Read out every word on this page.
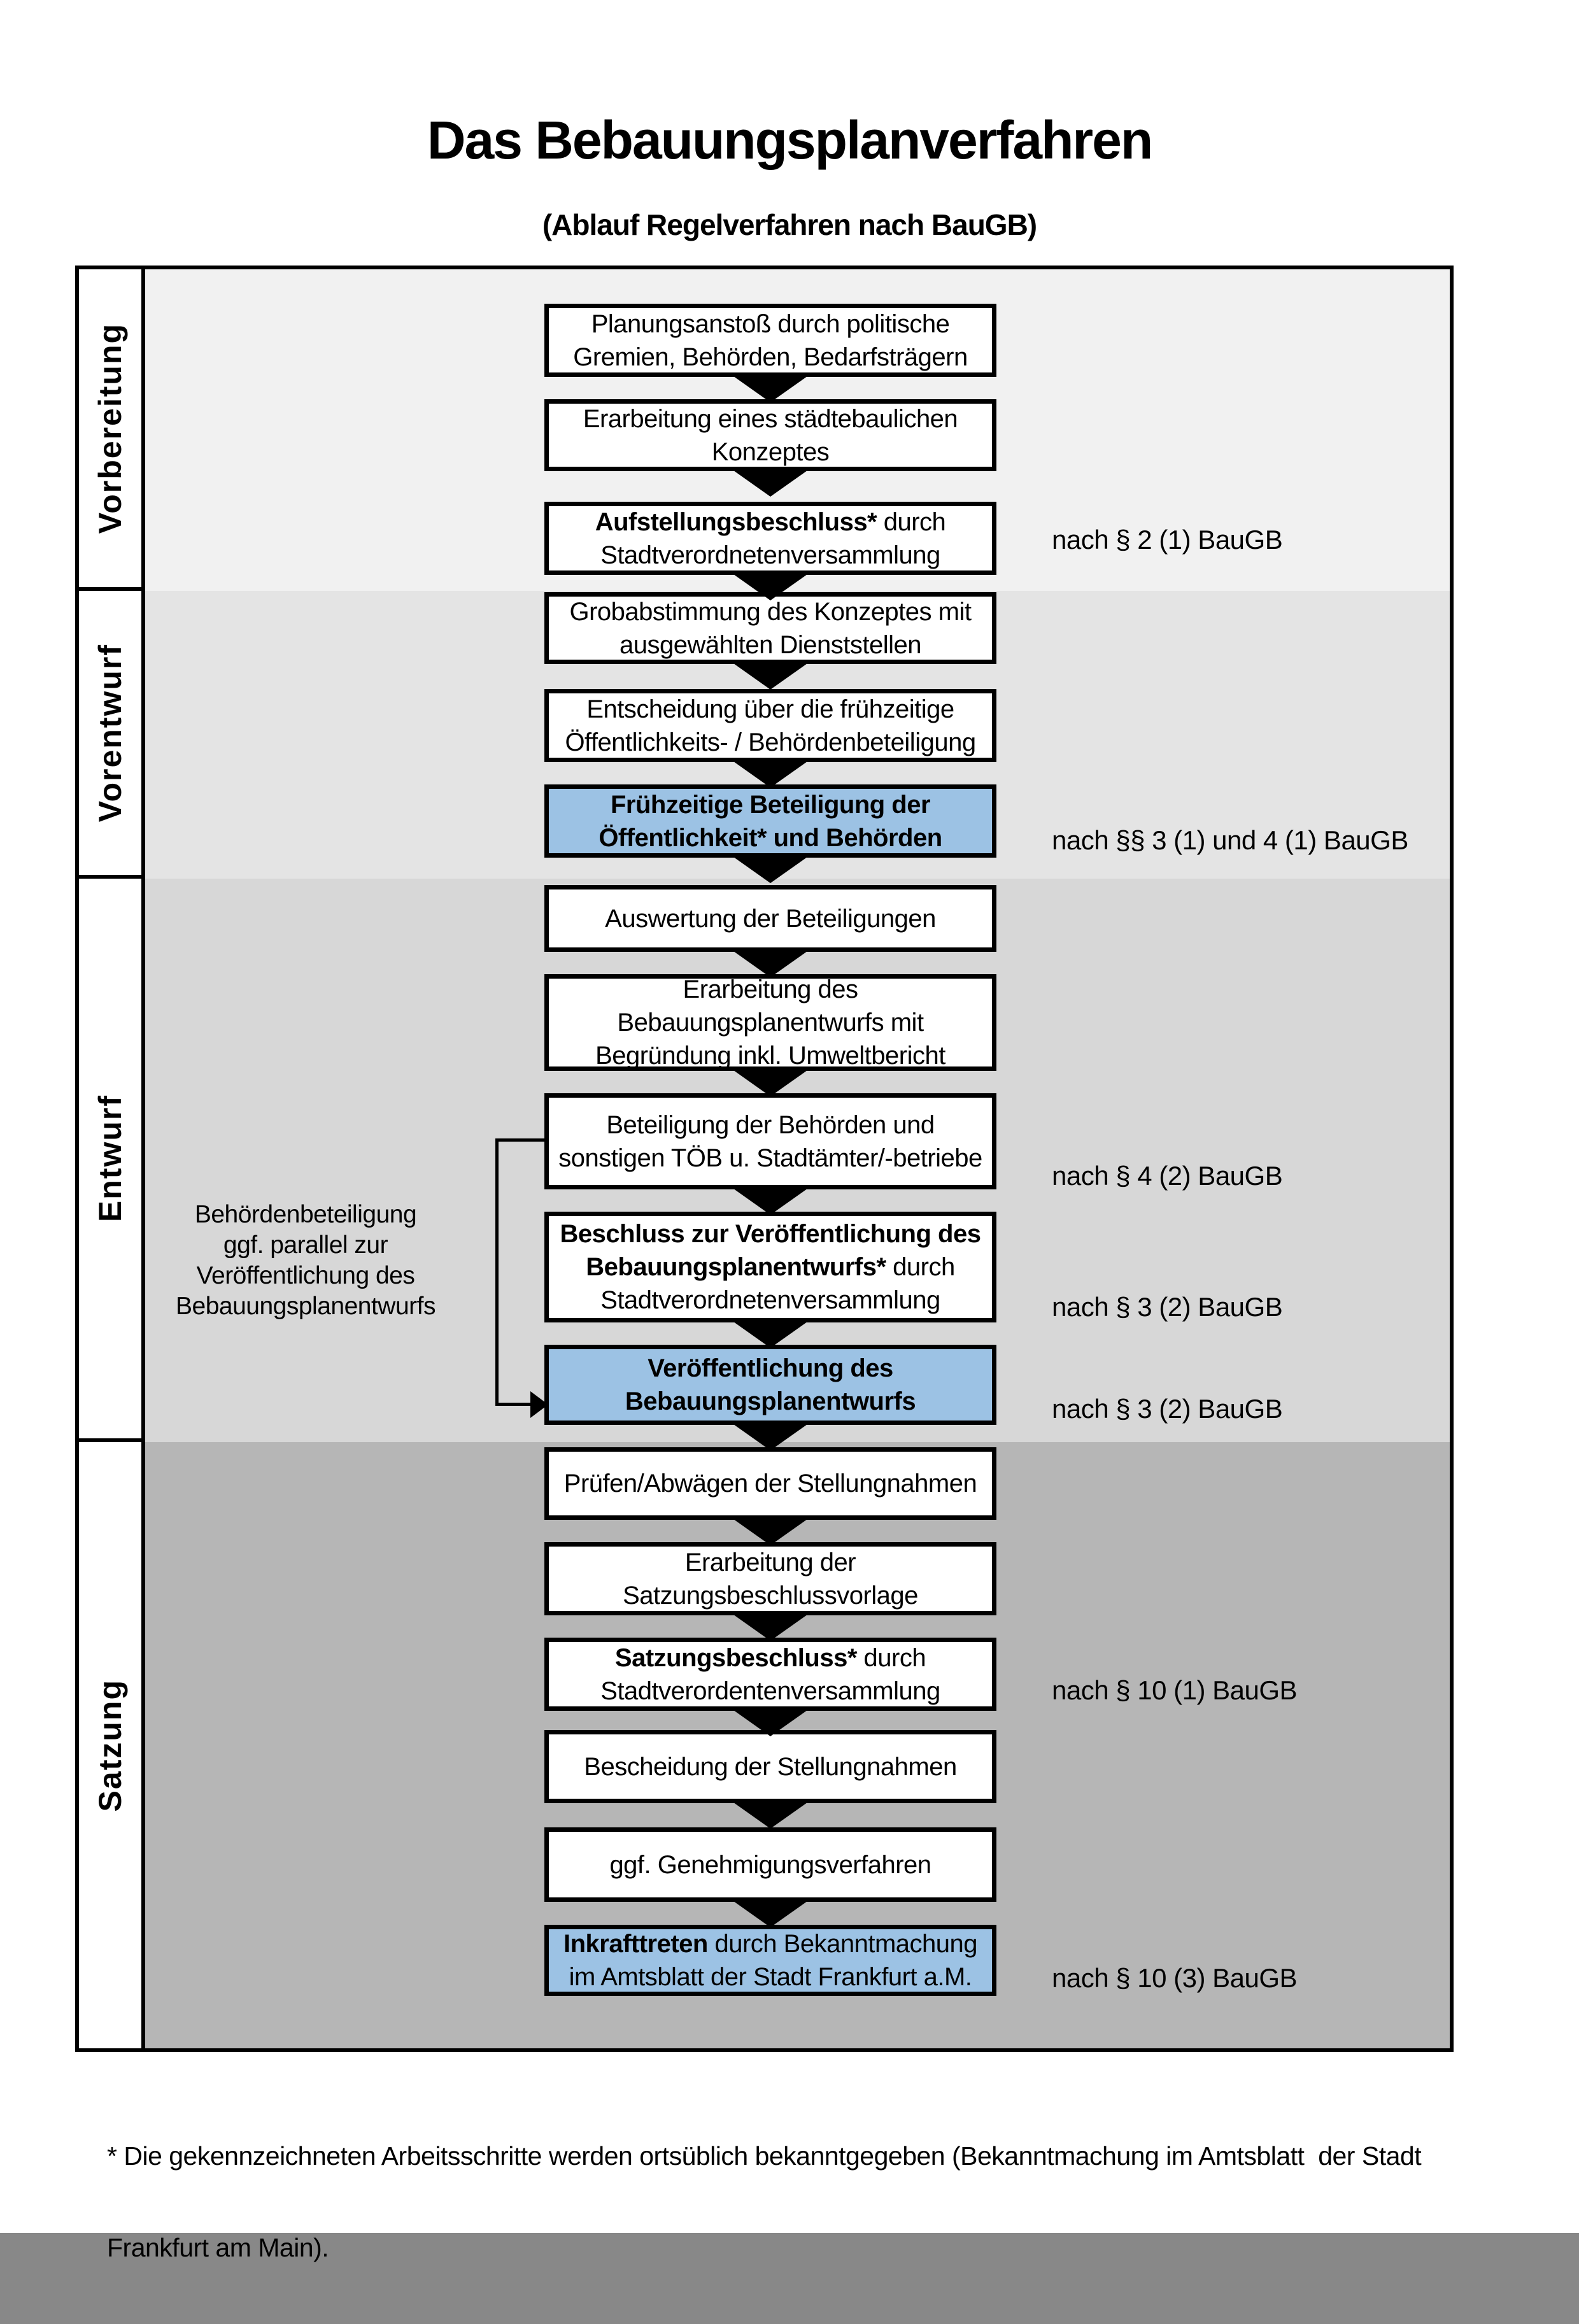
Das Bebauungsplanverfahren
(Ablauf Regelverfahren nach BauGB)
Vorbereitung
Vorentwurf
Entwurf
Satzung
Planungsanstoß durch politische
Gremien, Behörden, Bedarfsträgern
Erarbeitung eines städtebaulichen
Konzeptes
Aufstellungsbeschluss* durch
Stadtverordnetenversammlung
Grobabstimmung des Konzeptes mit
ausgewählten Dienststellen
Entscheidung über die frühzeitige
Öffentlichkeits- / Behördenbeteiligung
Frühzeitige Beteiligung der
Öffentlichkeit* und Behörden
Auswertung der Beteiligungen
Erarbeitung des
Bebauungsplanentwurfs mit
Begründung inkl. Umweltbericht
Beteiligung der Behörden und
sonstigen TÖB u. Stadtämter/-betriebe
Beschluss zur Veröffentlichung des
Bebauungsplanentwurfs* durch
Stadtverordnetenversammlung
Veröffentlichung des
Bebauungsplanentwurfs
Prüfen/Abwägen der Stellungnahmen
Erarbeitung der
Satzungsbeschlussvorlage
Satzungsbeschluss* durch
Stadtverordentenversammlung
Bescheidung der Stellungnahmen
ggf. Genehmigungsverfahren
Inkrafttreten durch Bekanntmachung
im Amtsblatt der Stadt Frankfurt a.M.
nach § 2 (1) BauGB
nach §§ 3 (1) und 4 (1) BauGB
nach § 4 (2) BauGB
nach § 3 (2) BauGB
nach § 3 (2) BauGB
nach § 10 (1) BauGB
nach § 10 (3) BauGB
Behördenbeteiligung
ggf. parallel zur
Veröffentlichung des
Bebauungsplanentwurfs

* Die gekennzeichneten Arbeitsschritte werden ortsüblich bekanntgegeben (Bekanntmachung im Amtsblatt  der Stadt

Frankfurt am Main).
